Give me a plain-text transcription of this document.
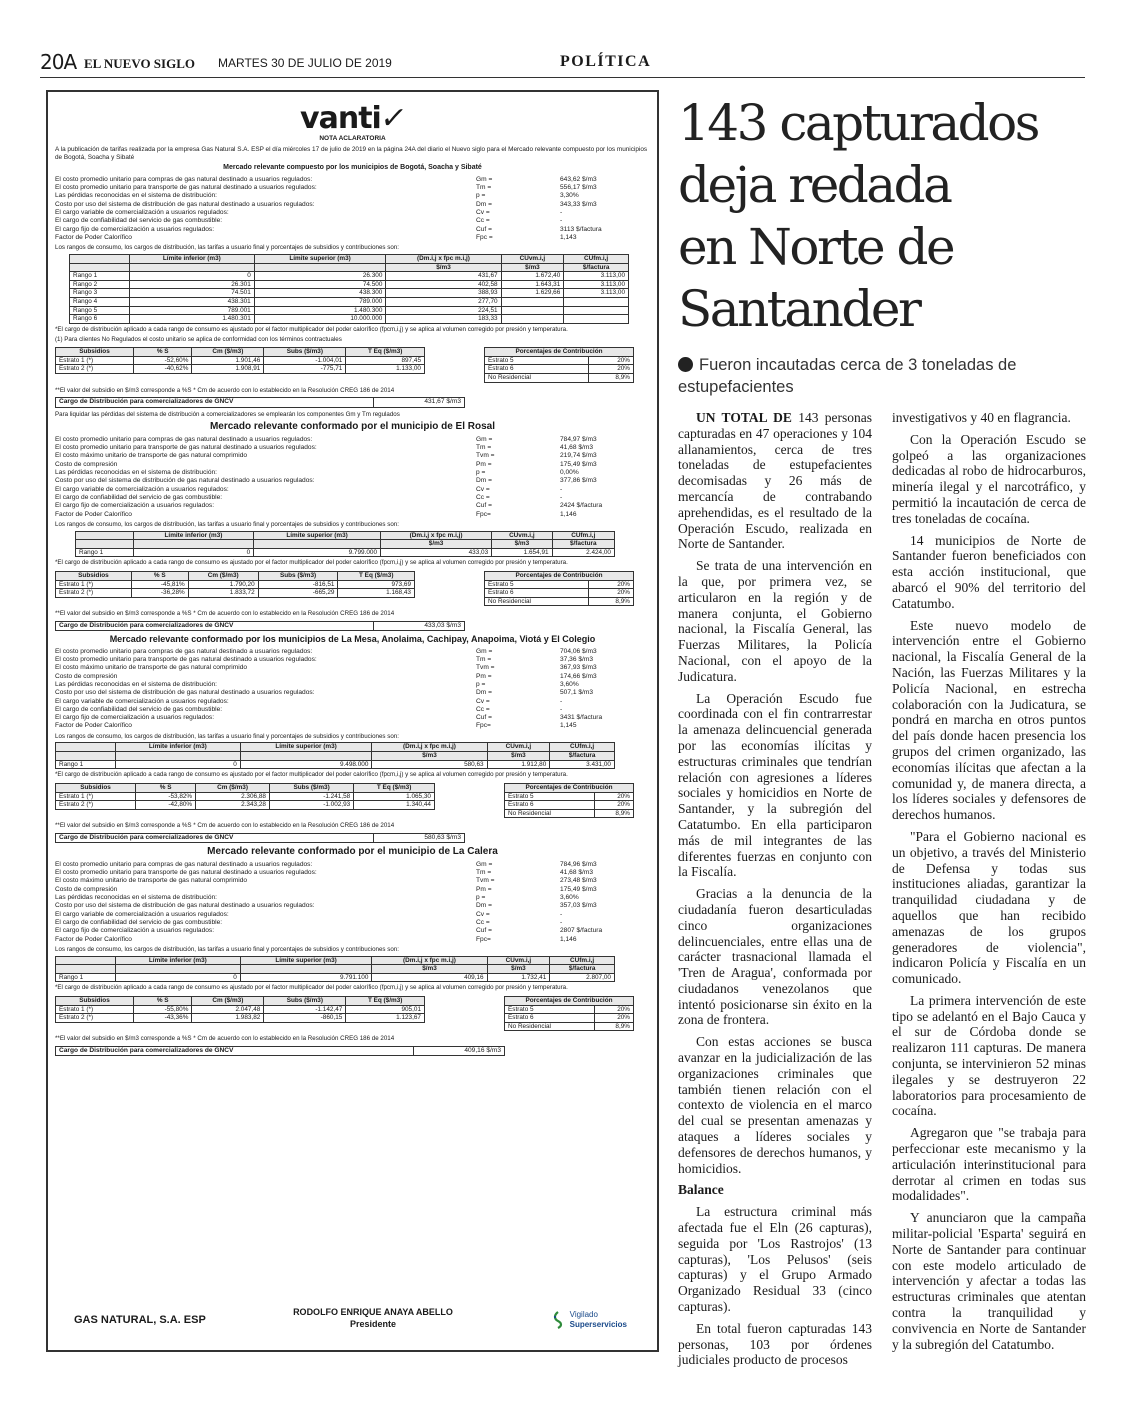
20A EL NUEVO SIGLO MARTES 30 DE JULIO DE 2019	POLÍTICA
vanti✓
NOTA ACLARATORIA

A la publicación de tarifas realizada por la empresa Gas Natural S.A. ESP el día miércoles 17 de julio de 2019 en la página 24A del diario el Nuevo siglo para el Mercado relevante compuesto por los municipios de Bogotá, Soacha y Sibaté

Mercado relevante compuesto por los municipios de Bogotá, Soacha y Sibaté
El costo promedio unitario para compras de gas natural destinado a usuarios regulados:	Gm =	643,62 $/m3
El costo promedio unitario para transporte de gas natural destinado a usuarios regulados:	Tm =	556,17 $/m3
Las pérdidas reconocidas en el sistema de distribución:	p =	3,30%
Costo por uso del sistema de distribución de gas natural destinado a usuarios regulados:	Dm =	343,33 $/m3
El cargo variable de comercialización a usuarios regulados:	Cv =	-
El cargo de confiabilidad del servicio de gas combustible:	Cc =	-
El cargo fijo de comercialización a usuarios regulados:	Cuf =	3113 $/factura
Factor de Poder Calorífico	Fpc =	1,143

Los rangos de consumo, los cargos de distribución, las tarifas a usuario final y porcentajes de subsidios y contribuciones son:

	Límite inferior (m3)	Límite superior (m3)	(Dm.i,j x fpc m.i,j)	CUvm.i,j	CUfm.i,j
			$/m3	$/m3	$/factura
Rango 1	0	26.300	431,67	1.672,40	3.113,00
Rango 2	26.301	74.500	402,58	1.643,31	3.113,00
Rango 3	74.501	438.300	388,93	1.629,66	3.113,00
Rango 4	438.301	789.000	277,70		
Rango 5	789.001	1.480.300	224,51		
Rango 6	1.480.301	10.000.000	183,33		

*El cargo de distribución aplicado a cada rango de consumo es ajustado por el factor multiplicador del poder calorífico (fpcm,i,j) y se aplica al volumen corregido por presión y temperatura.

(1) Para clientes No Regulados el costo unitario se aplica de conformidad con los términos contractuales

Subsidios	% S	Cm ($/m3)	Subs ($/m3)	T Eq ($/m3)
Estrato 1 (*)	-52,60%	1.901,46	-1.004,01	897,45
Estrato 2 (*)	-40,62%	1.908,91	-775,71	1.133,00
Porcentajes de Contribución	
Estrato 5	20%
Estrato 6	20%
No Residencial	8,9%

**El valor del subsidio en $/m3 corresponde a %S * Cm de acuerdo con lo establecido en la Resolución CREG 186 de 2014

Cargo de Distribución para comercializadores de GNCV	431,67 $/m3

Para liquidar las pérdidas del sistema de distribución a comercializadores se emplearán los componentes Gm y Tm regulados

Mercado relevante conformado por el municipio de El Rosal
El costo promedio unitario para compras de gas natural destinado a usuarios regulados:	Gm =	784,97 $/m3
El costo promedio unitario para transporte de gas natural destinado a usuarios regulados:	Tm =	41,68 $/m3
El costo máximo unitario de transporte de gas natural comprimido	Tvm =	219,74 $/m3
Costo de compresión	Pm =	175,49 $/m3
Las pérdidas reconocidas en el sistema de distribución:	p =	0,00%
Costo por uso del sistema de distribución de gas natural destinado a usuarios regulados:	Dm =	377,86 $/m3
El cargo variable de comercialización a usuarios regulados:	Cv =	-
El cargo de confiabilidad del servicio de gas combustible:	Cc =	-
El cargo fijo de comercialización a usuarios regulados:	Cuf =	2424 $/factura
Factor de Poder Calorífico	Fpc=	1,146

Los rangos de consumo, los cargos de distribución, las tarifas a usuario final y porcentajes de subsidios y contribuciones son:

	Límite inferior (m3)	Límite superior (m3)	(Dm.i,j x fpc m.i,j)	CUvm.i,j	CUfm.i,j
			$/m3	$/m3	$/factura
Rango 1	0	9.799.000	433,03	1.654,91	2.424,00

*El cargo de distribución aplicado a cada rango de consumo es ajustado por el factor multiplicador del poder calorífico (fpcm,i,j) y se aplica al volumen corregido por presión y temperatura.

Subsidios	% S	Cm ($/m3)	Subs ($/m3)	T Eq ($/m3)
Estrato 1 (*)	-45,81%	1.790,20	-816,51	973,69
Estrato 2 (*)	-36,28%	1.833,72	-665,29	1.168,43
Porcentajes de Contribución	
Estrato 5	20%
Estrato 6	20%
No Residencial	8,9%

**El valor del subsidio en $/m3 corresponde a %S * Cm de acuerdo con lo establecido en la Resolución CREG 186 de 2014

Cargo de Distribución para comercializadores de GNCV	433,03 $/m3
Mercado relevante conformado por los municipios de La Mesa, Anolaima, Cachipay, Anapoima, Viotá y El Colegio
El costo promedio unitario para compras de gas natural destinado a usuarios regulados:	Gm =	704,06 $/m3
El costo promedio unitario para transporte de gas natural destinado a usuarios regulados:	Tm =	37,36 $/m3
El costo máximo unitario de transporte de gas natural comprimido	Tvm =	367,93 $/m3
Costo de compresión	Pm =	174,66 $/m3
Las pérdidas reconocidas en el sistema de distribución:	p =	3,60%
Costo por uso del sistema de distribución de gas natural destinado a usuarios regulados:	Dm =	507,1 $/m3
El cargo variable de comercialización a usuarios regulados:	Cv =	-
El cargo de confiabilidad del servicio de gas combustible:	Cc =	-
El cargo fijo de comercialización a usuarios regulados:	Cuf =	3431 $/factura
Factor de Poder Calorífico	Fpc=	1,145

Los rangos de consumo, los cargos de distribución, las tarifas a usuario final y porcentajes de subsidios y contribuciones son:

	Límite inferior (m3)	Límite superior (m3)	(Dm.i,j x fpc m.i,j)	CUvm.i,j	CUfm.i,j
			$/m3	$/m3	$/factura
Rango 1	0	9.498.000	580,63	1.912,80	3.431,00

*El cargo de distribución aplicado a cada rango de consumo es ajustado por el factor multiplicador del poder calorífico (fpcm,i,j) y se aplica al volumen corregido por presión y temperatura.

Subsidios	% S	Cm ($/m3)	Subs ($/m3)	T Eq ($/m3)
Estrato 1 (*)	-53,82%	2.306,88	-1.241,58	1.065,30
Estrato 2 (*)	-42,80%	2.343,28	-1.002,93	1.340,44
Porcentajes de Contribución	
Estrato 5	20%
Estrato 6	20%
No Residencial	8,9%

**El valor del subsidio en $/m3 corresponde a %S * Cm de acuerdo con lo establecido en la Resolución CREG 186 de 2014

Cargo de Distribución para comercializadores de GNCV	580,63 $/m3
Mercado relevante conformado por el municipio de La Calera
El costo promedio unitario para compras de gas natural destinado a usuarios regulados:	Gm =	784,96 $/m3
El costo promedio unitario para transporte de gas natural destinado a usuarios regulados:	Tm =	41,68 $/m3
El costo máximo unitario de transporte de gas natural comprimido	Tvm =	273,48 $/m3
Costo de compresión	Pm =	175,49 $/m3
Las pérdidas reconocidas en el sistema de distribución:	p =	3,60%
Costo por uso del sistema de distribución de gas natural destinado a usuarios regulados:	Dm =	357,03 $/m3
El cargo variable de comercialización a usuarios regulados:	Cv =	-
El cargo de confiabilidad del servicio de gas combustible:	Cc =	-
El cargo fijo de comercialización a usuarios regulados:	Cuf =	2807 $/factura
Factor de Poder Calorífico	Fpc=	1,146

Los rangos de consumo, los cargos de distribución, las tarifas a usuario final y porcentajes de subsidios y contribuciones son:

	Límite inferior (m3)	Límite superior (m3)	(Dm.i,j x fpc m.i,j)	CUvm.i,j	CUfm.i,j
			$/m3	$/m3	$/factura
Rango 1	0	9.791.100	409,16	1.732,41	2.807,00

*El cargo de distribución aplicado a cada rango de consumo es ajustado por el factor multiplicador del poder calorífico (fpcm,i,j) y se aplica al volumen corregido por presión y temperatura.

Subsidios	% S	Cm ($/m3)	Subs ($/m3)	T Eq ($/m3)
Estrato 1 (*)	-55,80%	2.047,48	-1.142,47	905,01
Estrato 2 (*)	-43,36%	1.983,82	-860,15	1.123,67
Porcentajes de Contribución	
Estrato 5	20%
Estrato 6	20%
No Residencial	8,9%

**El valor del subsidio en $/m3 corresponde a %S * Cm de acuerdo con lo establecido en la Resolución CREG 186 de 2014

Cargo de Distribución para comercializadores de GNCV	409,16 $/m3
GAS NATURAL, S.A. ESP
RODOLFO ENRIQUE ANAYA ABELLO
Presidente
Vigilado
Superservicios
143 capturados
deja redada
en Norte de
Santander
Fueron incautadas cerca de 3 toneladas de estupefacientes

UN TOTAL DE 143 personas capturadas en 47 operaciones y 104 allanamientos, cerca de tres toneladas de estupefacientes decomisadas y 26 más de mercancía de contrabando aprehendidas, es el resultado de la Operación Escudo, realizada en Norte de Santander.

Se trata de una intervención en la que, por primera vez, se articularon en la región y de manera conjunta, el Gobierno nacional, la Fiscalía General, las Fuerzas Militares, la Policía Nacional, con el apoyo de la Judicatura.

La Operación Escudo fue coordinada con el fin contrarrestar la amenaza delincuencial generada por las economías ilícitas y estructuras criminales que tendrían relación con agresiones a líderes sociales y homicidios en Norte de Santander, y la subregión del Catatumbo. En ella participaron más de mil integrantes de las diferentes fuerzas en conjunto con la Fiscalía.

Gracias a la denuncia de la ciudadanía fueron desarticuladas cinco organizaciones delincuenciales, entre ellas una de carácter trasnacional llamada el 'Tren de Aragua', conformada por ciudadanos venezolanos que intentó posicionarse sin éxito en la zona de frontera.

Con estas acciones se busca avanzar en la judicialización de las organizaciones criminales que también tienen relación con el contexto de violencia en el marco del cual se presentan amenazas y ataques a líderes sociales y defensores de derechos humanos, y homicidios.

Balance

La estructura criminal más afectada fue el Eln (26 capturas), seguida por 'Los Rastrojos' (13 capturas), 'Los Pelusos' (seis capturas) y el Grupo Armado Organizado Residual 33 (cinco capturas).

En total fueron capturadas 143 personas, 103 por órdenes judiciales producto de procesos

investigativos y 40 en flagrancia.

Con la Operación Escudo se golpeó a las organizaciones dedicadas al robo de hidrocarburos, minería ilegal y el narcotráfico, y permitió la incautación de cerca de tres toneladas de cocaína.

14 municipios de Norte de Santander fueron beneficiados con esta acción institucional, que abarcó el 90% del territorio del Catatumbo.

Este nuevo modelo de intervención entre el Gobierno nacional, la Fiscalía General de la Nación, las Fuerzas Militares y la Policía Nacional, en estrecha colaboración con la Judicatura, se pondrá en marcha en otros puntos del país donde hacen presencia los grupos del crimen organizado, las economías ilícitas que afectan a la comunidad y, de manera directa, a los líderes sociales y defensores de derechos humanos.

"Para el Gobierno nacional es un objetivo, a través del Ministerio de Defensa y todas sus instituciones aliadas, garantizar la tranquilidad ciudadana y de aquellos que han recibido amenazas de los grupos generadores de violencia", indicaron Policía y Fiscalía en un comunicado.

La primera intervención de este tipo se adelantó en el Bajo Cauca y el sur de Córdoba donde se realizaron 111 capturas. De manera conjunta, se intervinieron 52 minas ilegales y se destruyeron 22 laboratorios para procesamiento de cocaína.

Agregaron que "se trabaja para perfeccionar este mecanismo y la articulación interinstitucional para derrotar al crimen en todas sus modalidades".

Y anunciaron que la campaña militar-policial 'Esparta' seguirá en Norte de Santander para continuar con este modelo articulado de intervención y afectar a todas las estructuras criminales que atentan contra la tranquilidad y convivencia en Norte de Santander y la subregión del Catatumbo.
